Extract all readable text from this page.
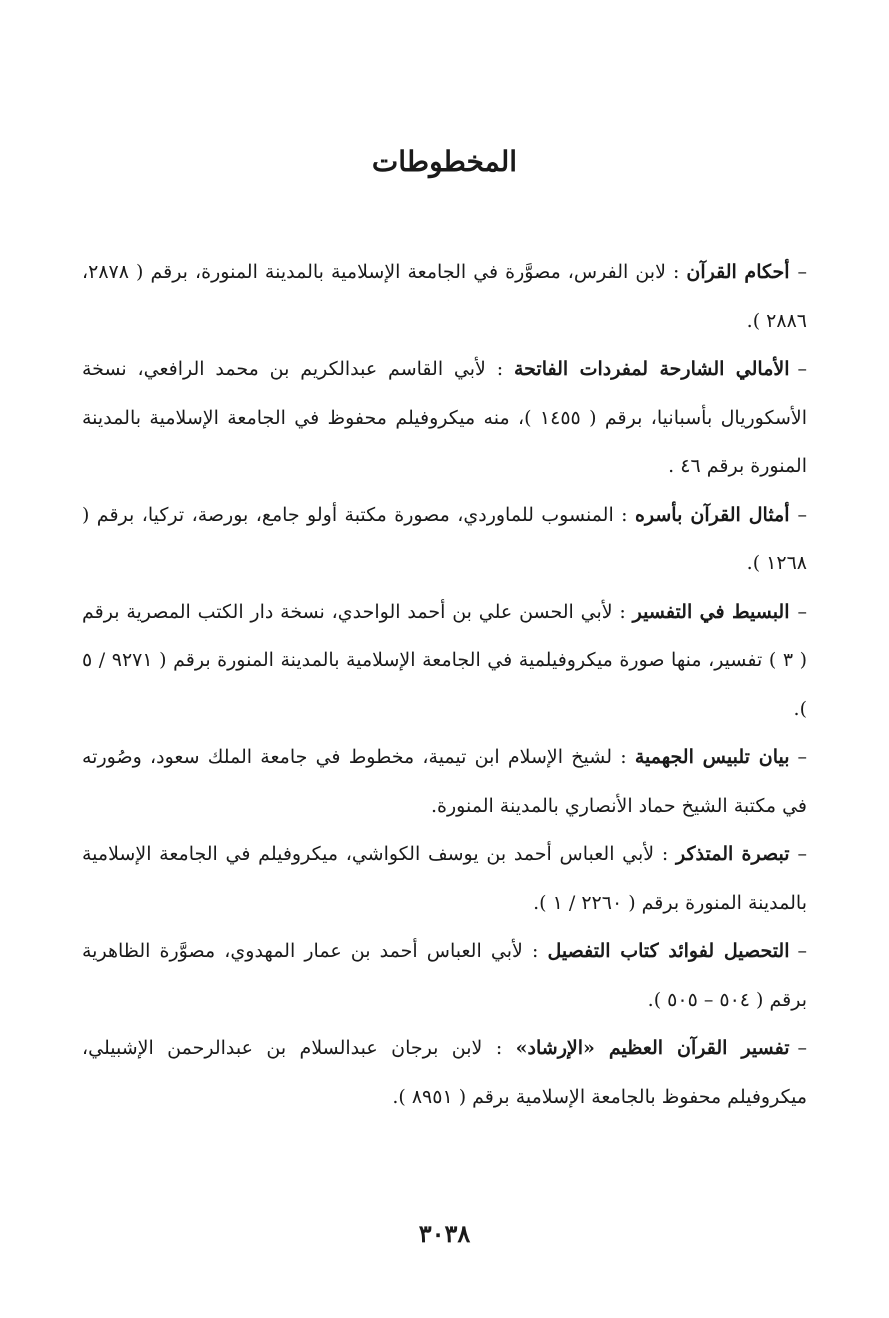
المخطوطات

–أحكام القرآن : لابن الفرس، مصوَّرة في الجامعة الإسلامية بالمدينة المنورة، برقم ( ٢٨٧٨، ٢٨٨٦ ).

–الأمالي الشارحة لمفردات الفاتحة : لأبي القاسم عبدالكريم بن محمد الرافعي، نسخة الأسكوريال بأسبانيا، برقم ( ١٤٥٥ )، منه ميكروفيلم محفوظ في الجامعة الإسلامية بالمدينة المنورة برقم ٤٦ .

–أمثال القرآن بأسره : المنسوب للماوردي، مصورة مكتبة أولو جامع، بورصة، تركيا، برقم ( ١٢٦٨ ).

–البسيط في التفسير : لأبي الحسن علي بن أحمد الواحدي، نسخة دار الكتب المصرية برقم ( ٣ ) تفسير، منها صورة ميكروفيلمية في الجامعة الإسلامية بالمدينة المنورة برقم ( ٩٢٧١ / ٥ ).

–بيان تلبيس الجهمية : لشيخ الإسلام ابن تيمية، مخطوط في جامعة الملك سعود، وصُورته في مكتبة الشيخ حماد الأنصاري بالمدينة المنورة.

–تبصرة المتذكر : لأبي العباس أحمد بن يوسف الكواشي، ميكروفيلم في الجامعة الإسلامية بالمدينة المنورة برقم ( ٢٢٦٠ / ١ ).

–التحصيل لفوائد كتاب التفصيل : لأبي العباس أحمد بن عمار المهدوي، مصوَّرة الظاهرية برقم ( ٥٠٤ – ٥٠٥ ).

–تفسير القرآن العظيم «الإرشاد» : لابن برجان عبدالسلام بن عبدالرحمن الإشبيلي، ميكروفيلم محفوظ بالجامعة الإسلامية برقم ( ٨٩٥١ ).

٣٠٣٨
